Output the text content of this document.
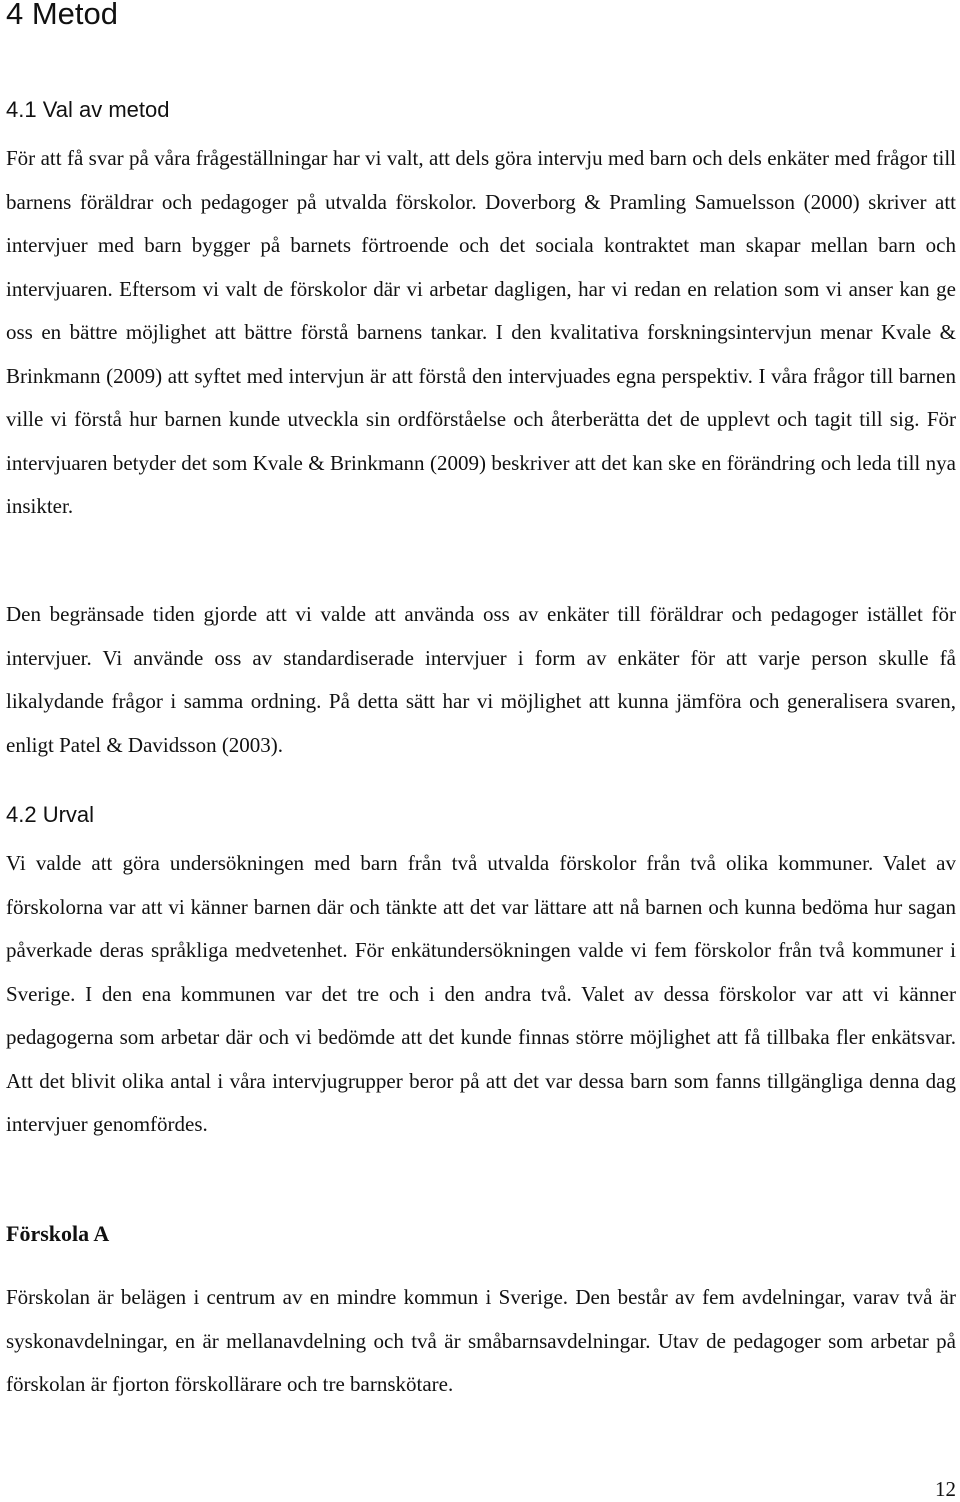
4 Metod
4.1 Val av metod

För att få svar på våra frågeställningar har vi valt, att dels göra intervju med barn och dels enkäter med frågor till barnens föräldrar och pedagoger på utvalda förskolor. Doverborg & Pramling Samuelsson (2000) skriver att intervjuer med barn bygger på barnets förtroende och det sociala kontraktet man skapar mellan barn och intervjuaren. Eftersom vi valt de förskolor där vi arbetar dagligen, har vi redan en relation som vi anser kan ge oss en bättre möjlighet att bättre förstå barnens tankar. I den kvalitativa forskningsintervjun menar Kvale & Brinkmann (2009) att syftet med intervjun är att förstå den intervjuades egna perspektiv. I våra frågor till barnen ville vi förstå hur barnen kunde utveckla sin ordförståelse och återberätta det de upplevt och tagit till sig. För intervjuaren betyder det som Kvale & Brinkmann (2009) beskriver att det kan ske en förändring och leda till nya insikter.

Den begränsade tiden gjorde att vi valde att använda oss av enkäter till föräldrar och pedagoger istället för intervjuer. Vi använde oss av standardiserade intervjuer i form av enkäter för att varje person skulle få likalydande frågor i samma ordning. På detta sätt har vi möjlighet att kunna jämföra och generalisera svaren, enligt Patel & Davidsson (2003).

4.2 Urval

Vi valde att göra undersökningen med barn från två utvalda förskolor från två olika kommuner. Valet av förskolorna var att vi känner barnen där och tänkte att det var lättare att nå barnen och kunna bedöma hur sagan påverkade deras språkliga medvetenhet. För enkätundersökningen valde vi fem förskolor från två kommuner i Sverige. I den ena kommunen var det tre och i den andra två. Valet av dessa förskolor var att vi känner pedagogerna som arbetar där och vi bedömde att det kunde finnas större möjlighet att få tillbaka fler enkätsvar. Att det blivit olika antal i våra intervjugrupper beror på att det var dessa barn som fanns tillgängliga denna dag intervjuer genomfördes.

Förskola A

Förskolan är belägen i centrum av en mindre kommun i Sverige. Den består av fem avdelningar, varav två är syskonavdelningar, en är mellanavdelning och två är småbarnsavdelningar. Utav de pedagoger som arbetar på förskolan är fjorton förskollärare och tre barnskötare.

12
